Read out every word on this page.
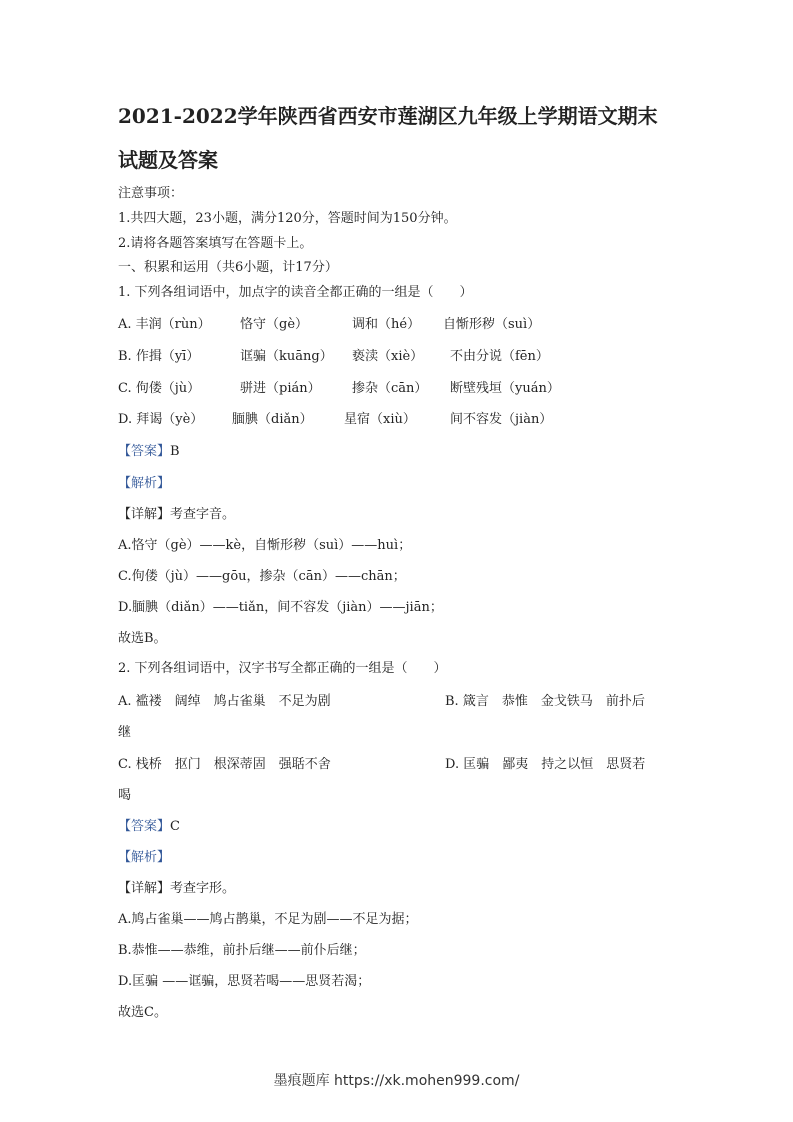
2021-2022学年陕西省西安市莲湖区九年级上学期语文期末
试题及答案
注意事项：
1.共四大题，23小题，满分120分，答题时间为150分钟。
2.请将各题答案填写在答题卡上。
一、积累和运用（共6小题，计17分）
1. 下列各组词语中，加点字的读音全都正确的一组是（　　）
A. 丰润（rùn） 恪守（gè）	调和（hé） 自惭形秽（suì）
B. 作揖（yī）	诓骗（kuāng） 亵渎（xiè） 不由分说（fēn）
C. 佝偻（jù）	骈进（pián） 掺杂（cān） 断壁残垣（yuán）
D. 拜谒（yè） 腼腆（diǎn） 星宿（xiù）	间不容发（jiàn）
【答案】B
【解析】
【详解】考查字音。
A.恪守（gè）——kè，自惭形秽（suì）——huì；
C.佝偻（jù）——gōu，掺杂（cān）——chān；
D.腼腆（diǎn）——tiǎn，间不容发（jiàn）——jiān；
故选B。
2. 下列各组词语中，汉字书写全都正确的一组是（　　）
A. 褴褛　阔绰　鸠占雀巢　不足为剧	B. 箴言　恭惟　金戈铁马　前扑后
继
C. 栈桥　抠门　根深蒂固　强聒不舍	D. 匡骗　鄙夷　持之以恒　思贤若
喝
【答案】C
【解析】
【详解】考查字形。
A.鸠占雀巢——鸠占鹊巢，不足为剧——不足为据；
B.恭惟——恭维，前扑后继——前仆后继；
D.匡骗 ——诓骗，思贤若喝——思贤若渴；
故选C。
墨痕题库 https://xk.mohen999.com/
